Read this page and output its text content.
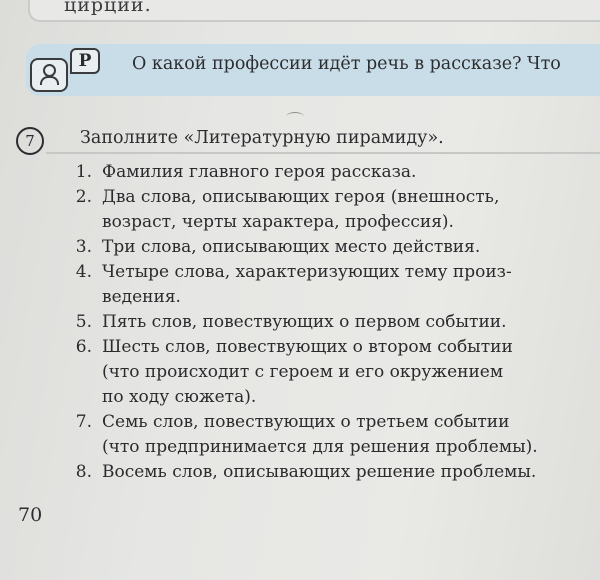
цирции.
Р	О какой профессии идёт речь в рассказе? Что
7	Заполните «Литературную пирамиду».
1. Фамилия главного героя рассказа.
2. Два слова, описывающих героя (внешность,
возраст, черты характера, профессия).
3. Три слова, описывающих место действия.
4. Четыре слова, характеризующих тему произ-
ведения.
5. Пять слов, повествующих о первом событии.
6. Шесть слов, повествующих о втором событии
(что происходит с героем и его окружением
по ходу сюжета).
7. Семь слов, повествующих о третьем событии
(что предпринимается для решения проблемы).
8. Восемь слов, описывающих решение проблемы.
70
